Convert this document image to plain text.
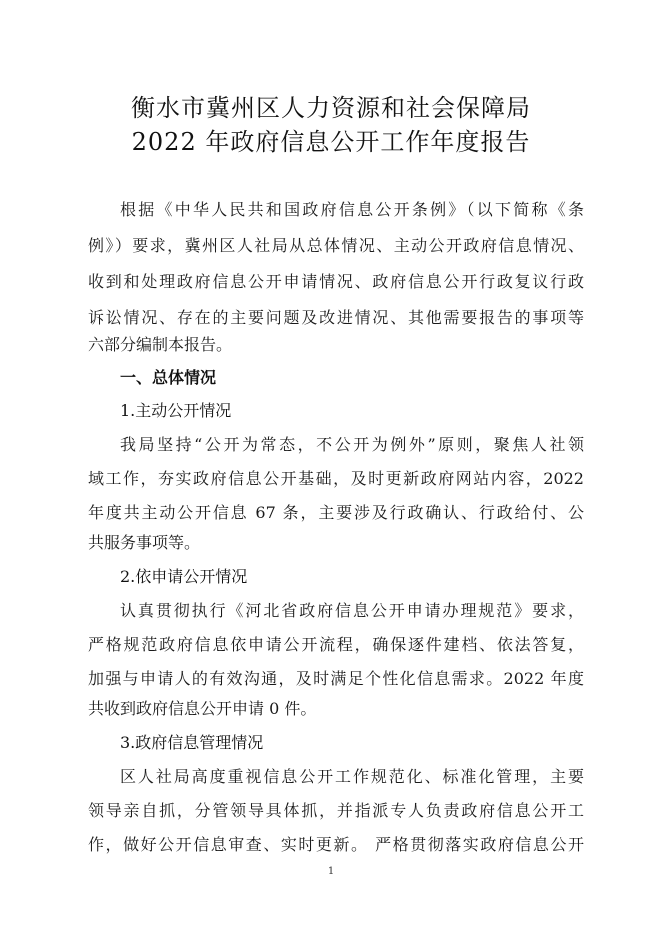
衡水市冀州区人力资源和社会保障局
2022 年政府信息公开工作年度报告
根据《中华人民共和国政府信息公开条例》（以下简称《条
例》）要求，冀州区人社局从总体情况、主动公开政府信息情况、
收到和处理政府信息公开申请情况、政府信息公开行政复议行政
诉讼情况、存在的主要问题及改进情况、其他需要报告的事项等
六部分编制本报告。
一、总体情况
1.主动公开情况
我局坚持“公开为常态，不公开为例外”原则，聚焦人社领
域工作，夯实政府信息公开基础，及时更新政府网站内容，2022
年度共主动公开信息 67 条，主要涉及行政确认、行政给付、公
共服务事项等。
2.依申请公开情况
认真贯彻执行《河北省政府信息公开申请办理规范》要求，
严格规范政府信息依申请公开流程，确保逐件建档、依法答复，
加强与申请人的有效沟通，及时满足个性化信息需求。2022 年度
共收到政府信息公开申请 0 件。
3.政府信息管理情况
区人社局高度重视信息公开工作规范化、标准化管理，主要
领导亲自抓，分管领导具体抓，并指派专人负责政府信息公开工
作，做好公开信息审查、实时更新。 严格贯彻落实政府信息公开
1
